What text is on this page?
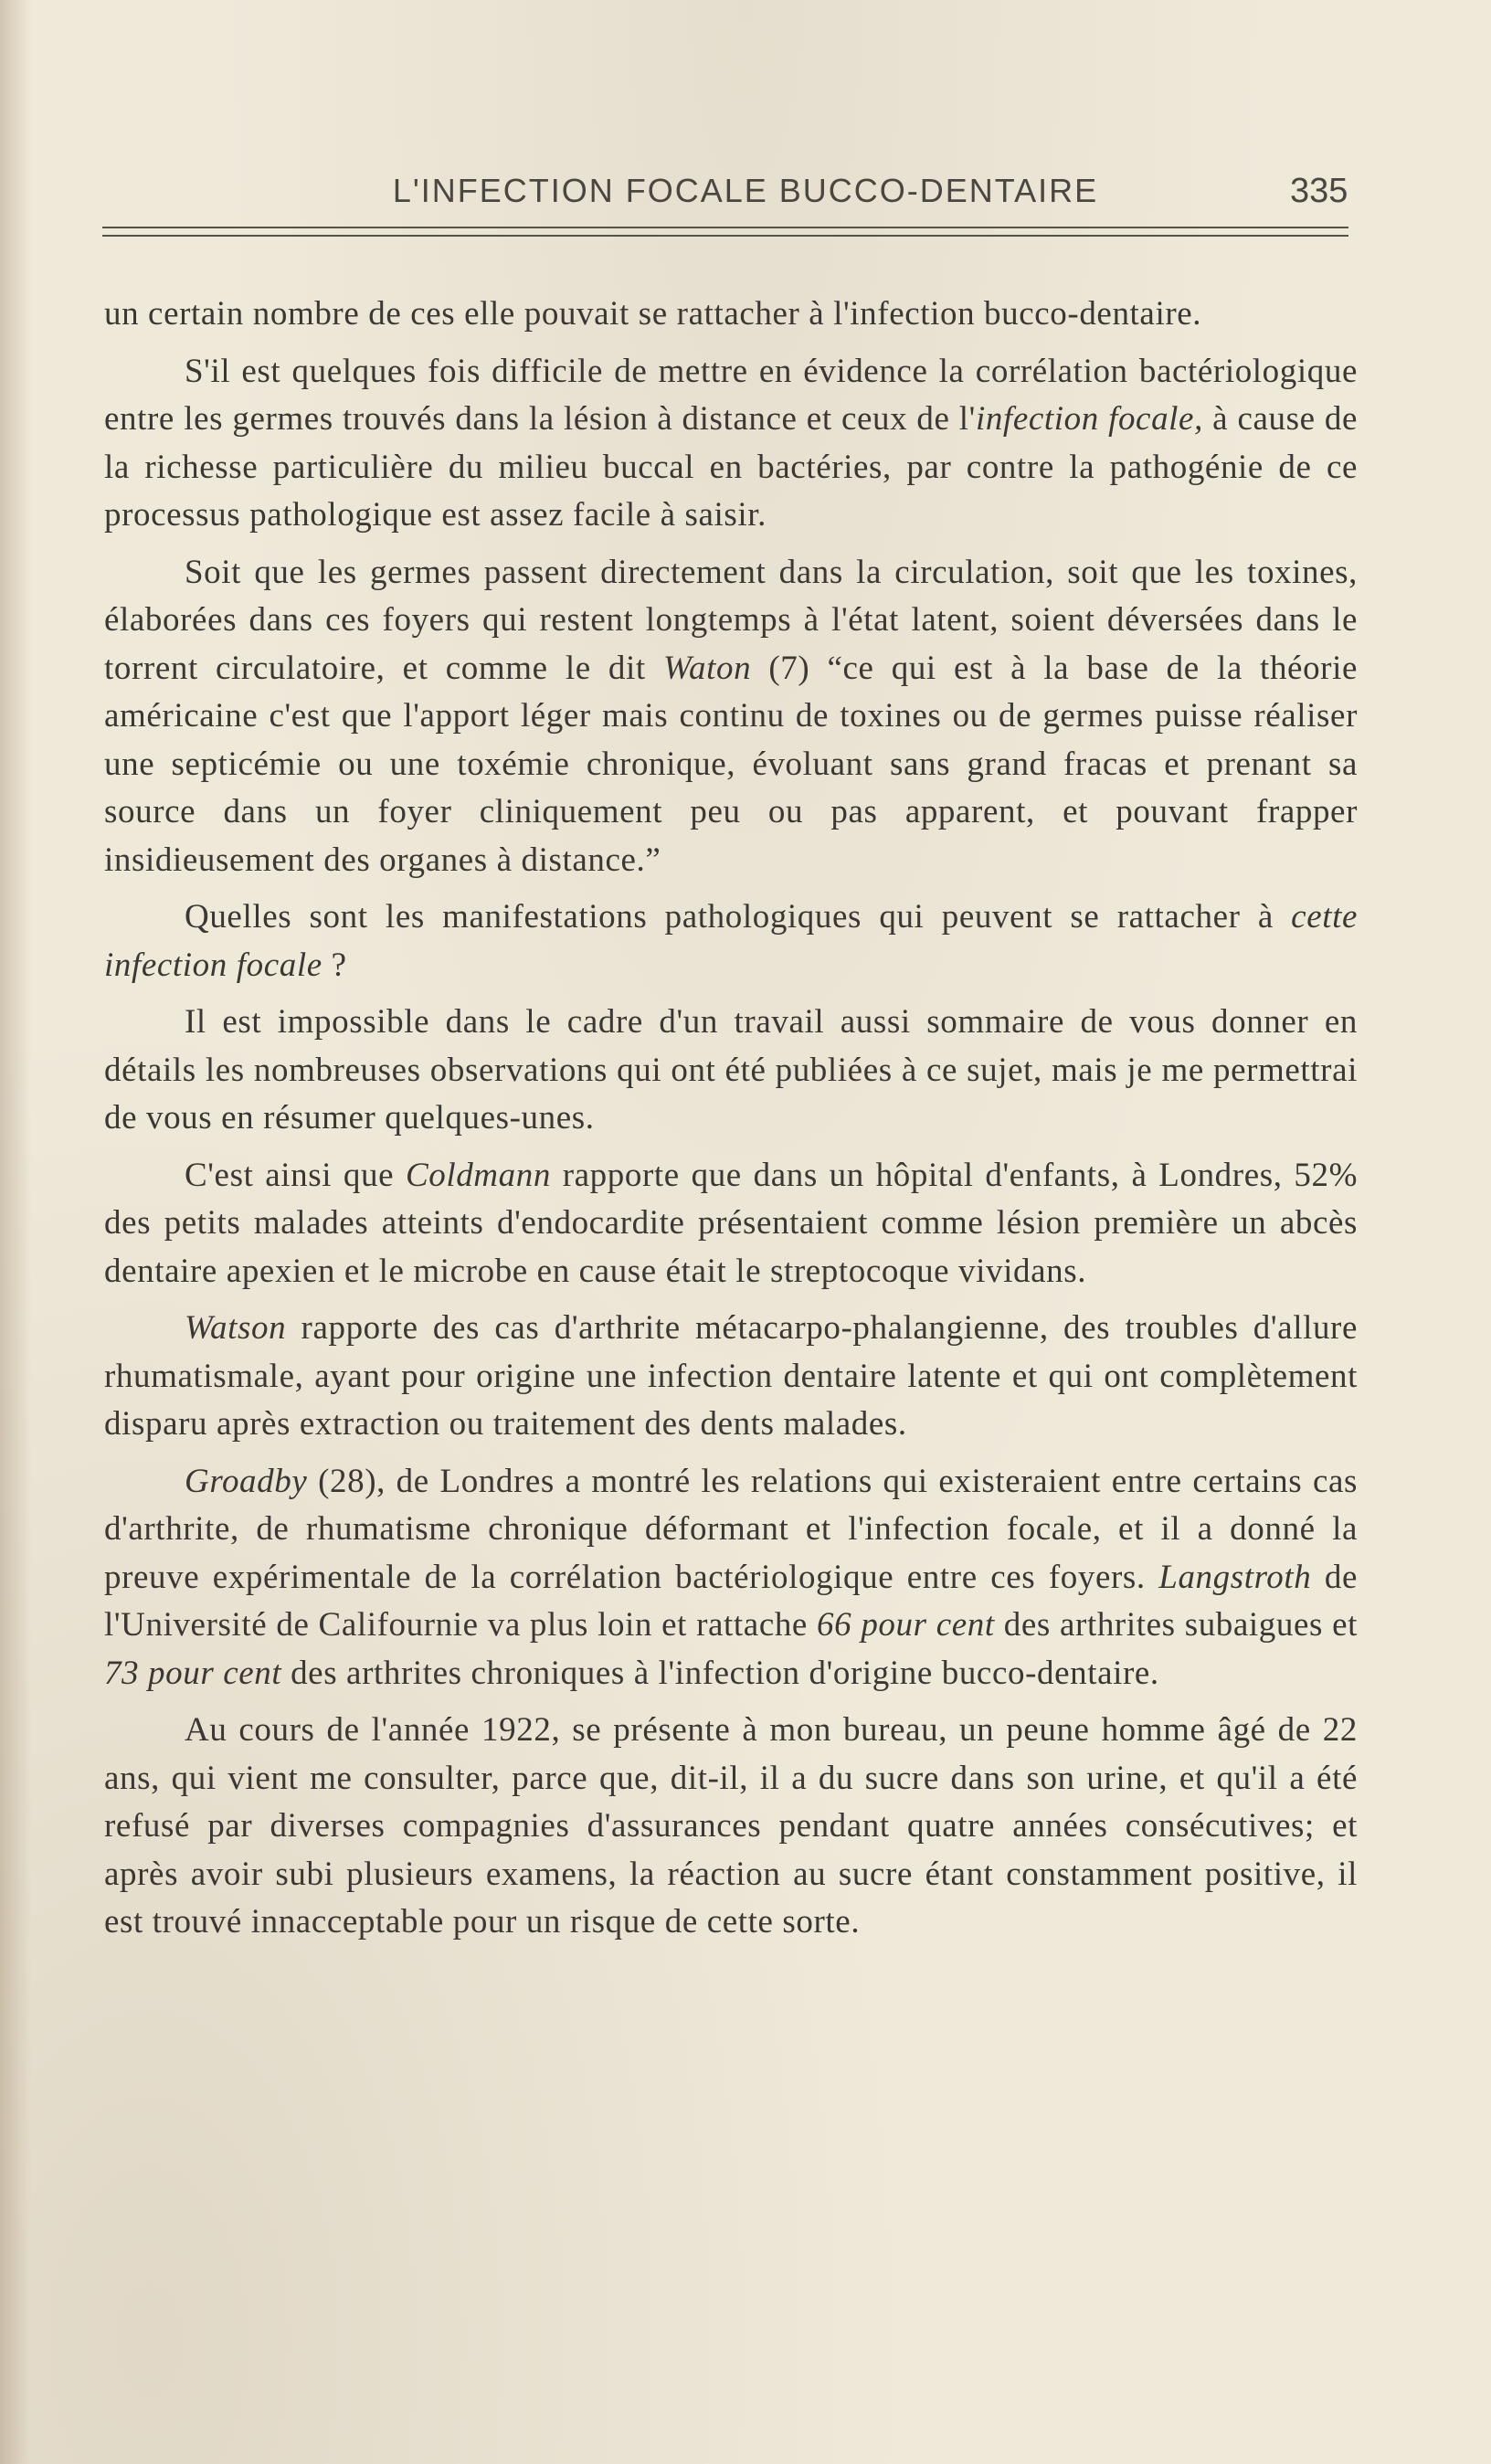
L'INFECTION FOCALE BUCCO-DENTAIRE	335

un certain nombre de ces elle pouvait se rattacher à l'infection bucco-dentaire.

S'il est quelques fois difficile de mettre en évidence la corrélation bactériologique entre les germes trouvés dans la lésion à distance et ceux de l'infection focale, à cause de la richesse particulière du milieu buccal en bactéries, par contre la pathogénie de ce processus pathologique est assez facile à saisir.

Soit que les germes passent directement dans la circulation, soit que les toxines, élaborées dans ces foyers qui restent longtemps à l'état latent, soient déversées dans le torrent circulatoire, et comme le dit Waton (7) “ce qui est à la base de la théorie américaine c'est que l'apport léger mais continu de toxines ou de germes puisse réaliser une septicémie ou une toxémie chronique, évoluant sans grand fracas et prenant sa source dans un foyer cliniquement peu ou pas apparent, et pouvant frapper insidieusement des organes à distance.”

Quelles sont les manifestations pathologiques qui peuvent se rattacher à cette infection focale ?

Il est impossible dans le cadre d'un travail aussi sommaire de vous donner en détails les nombreuses observations qui ont été publiées à ce sujet, mais je me permettrai de vous en résumer quelques-unes.

C'est ainsi que Coldmann rapporte que dans un hôpital d'enfants, à Londres, 52% des petits malades atteints d'endocardite présentaient comme lésion première un abcès dentaire apexien et le microbe en cause était le streptocoque vividans.

Watson rapporte des cas d'arthrite métacarpo-phalangienne, des troubles d'allure rhumatismale, ayant pour origine une infection dentaire latente et qui ont complètement disparu après extraction ou traitement des dents malades.

Groadby (28), de Londres a montré les relations qui existeraient entre certains cas d'arthrite, de rhumatisme chronique déformant et l'infection focale, et il a donné la preuve expérimentale de la corrélation bactériologique entre ces foyers. Langstroth de l'Université de Califournie va plus loin et rattache 66 pour cent des arthrites subaigues et 73 pour cent des arthrites chroniques à l'infection d'origine bucco-dentaire.

Au cours de l'année 1922, se présente à mon bureau, un peune homme âgé de 22 ans, qui vient me consulter, parce que, dit-il, il a du sucre dans son urine, et qu'il a été refusé par diverses compagnies d'assurances pendant quatre années consécutives; et après avoir subi plusieurs examens, la réaction au sucre étant constamment positive, il est trouvé innacceptable pour un risque de cette sorte.
